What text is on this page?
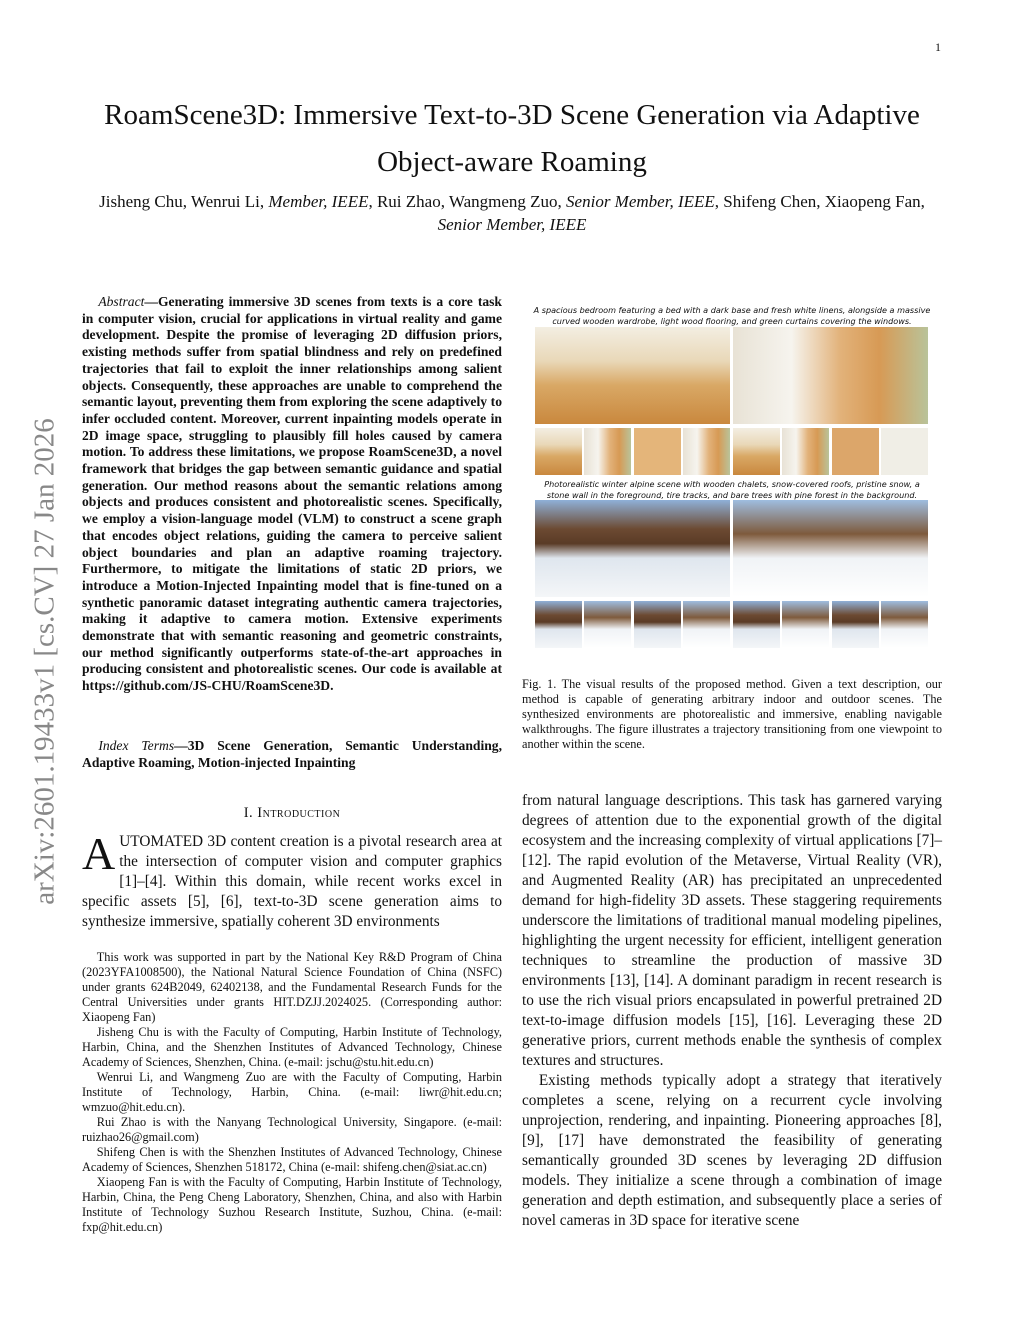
1
arXiv:2601.19433v1 [cs.CV] 27 Jan 2026
RoamScene3D: Immersive Text-to-3D Scene Generation via Adaptive Object-aware Roaming
Jisheng Chu, Wenrui Li, Member, IEEE, Rui Zhao, Wangmeng Zuo, Senior Member, IEEE, Shifeng Chen, Xiaopeng Fan, Senior Member, IEEE

Abstract—Generating immersive 3D scenes from texts is a core task in computer vision, crucial for applications in virtual reality and game development. Despite the promise of leveraging 2D diffusion priors, existing methods suffer from spatial blindness and rely on predefined trajectories that fail to exploit the inner relationships among salient objects. Consequently, these approaches are unable to comprehend the semantic layout, preventing them from exploring the scene adaptively to infer occluded content. Moreover, current inpainting models operate in 2D image space, struggling to plausibly fill holes caused by camera motion. To address these limitations, we propose RoamScene3D, a novel framework that bridges the gap between semantic guidance and spatial generation. Our method reasons about the semantic relations among objects and produces consistent and photorealistic scenes. Specifically, we employ a vision-language model (VLM) to construct a scene graph that encodes object relations, guiding the camera to perceive salient object boundaries and plan an adaptive roaming trajectory. Furthermore, to mitigate the limitations of static 2D priors, we introduce a Motion-Injected Inpainting model that is fine-tuned on a synthetic panoramic dataset integrating authentic camera trajectories, making it adaptive to camera motion. Extensive experiments demonstrate that with semantic reasoning and geometric constraints, our method significantly outperforms state-of-the-art approaches in producing consistent and photorealistic scenes. Our code is available at https://github.com/JS-CHU/RoamScene3D.

Index Terms—3D Scene Generation, Semantic Understanding, Adaptive Roaming, Motion-injected Inpainting

I. Introduction
AUTOMATED 3D content creation is a pivotal research area at the intersection of computer vision and computer graphics [1]–[4]. Within this domain, while recent works excel in specific assets [5], [6], text-to-3D scene generation aims to synthesize immersive, spatially coherent 3D environments

This work was supported in part by the National Key R&D Program of China (2023YFA1008500), the National Natural Science Foundation of China (NSFC) under grants 624B2049, 62402138, and the Fundamental Research Funds for the Central Universities under grants HIT.DZJJ.2024025. (Corresponding author: Xiaopeng Fan)

Jisheng Chu is with the Faculty of Computing, Harbin Institute of Technology, Harbin, China, and the Shenzhen Institutes of Advanced Technology, Chinese Academy of Sciences, Shenzhen, China. (e-mail: jschu@stu.hit.edu.cn)

Wenrui Li, and Wangmeng Zuo are with the Faculty of Computing, Harbin Institute of Technology, Harbin, China. (e-mail: liwr@hit.edu.cn; wmzuo@hit.edu.cn).

Rui Zhao is with the Nanyang Technological University, Singapore. (e-mail: ruizhao26@gmail.com)

Shifeng Chen is with the Shenzhen Institutes of Advanced Technology, Chinese Academy of Sciences, Shenzhen 518172, China (e-mail: shifeng.chen@siat.ac.cn)

Xiaopeng Fan is with the Faculty of Computing, Harbin Institute of Technology, Harbin, China, the Peng Cheng Laboratory, Shenzhen, China, and also with Harbin Institute of Technology Suzhou Research Institute, Suzhou, China. (e-mail: fxp@hit.edu.cn)

A spacious bedroom featuring a bed with a dark base and fresh white linens, alongside a massive curved wooden wardrobe, light wood flooring, and green curtains covering the windows.
Photorealistic winter alpine scene with wooden chalets, snow-covered roofs, pristine snow, a stone wall in the foreground, tire tracks, and bare trees with pine forest in the background.
Fig. 1. The visual results of the proposed method. Given a text description, our method is capable of generating arbitrary indoor and outdoor scenes. The synthesized environments are photorealistic and immersive, enabling navigable walkthroughs. The figure illustrates a trajectory transitioning from one viewpoint to another within the scene.

from natural language descriptions. This task has garnered varying degrees of attention due to the exponential growth of the digital ecosystem and the increasing complexity of virtual applications [7]–[12]. The rapid evolution of the Metaverse, Virtual Reality (VR), and Augmented Reality (AR) has precipitated an unprecedented demand for high-fidelity 3D assets. These staggering requirements underscore the limitations of traditional manual modeling pipelines, highlighting the urgent necessity for efficient, intelligent generation techniques to streamline the production of massive 3D environments [13], [14]. A dominant paradigm in recent research is to use the rich visual priors encapsulated in powerful pretrained 2D text-to-image diffusion models [15], [16]. Leveraging these 2D generative priors, current methods enable the synthesis of complex textures and structures.

Existing methods typically adopt a strategy that iteratively completes a scene, relying on a recurrent cycle involving unprojection, rendering, and inpainting. Pioneering approaches [8], [9], [17] have demonstrated the feasibility of generating semantically grounded 3D scenes by leveraging 2D diffusion models. They initialize a scene through a combination of image generation and depth estimation, and subsequently place a series of novel cameras in 3D space for iterative scene
